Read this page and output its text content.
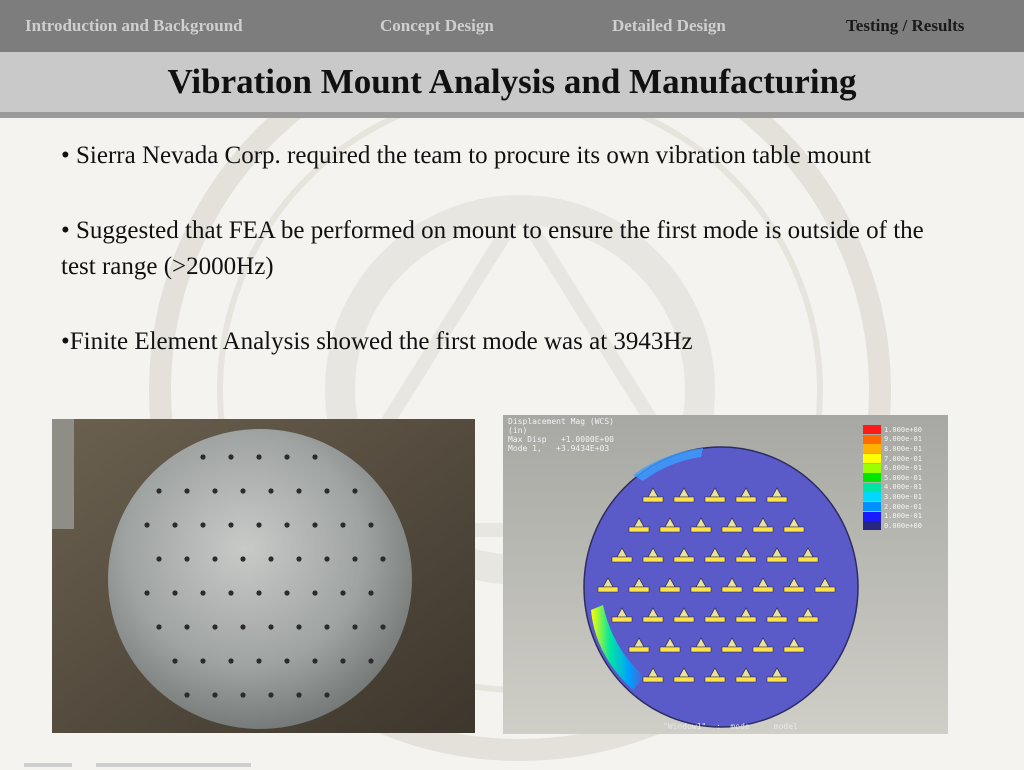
Introduction and Background	Concept Design	Detailed Design	Testing / Results
Vibration Mount Analysis and Manufacturing

• Sierra Nevada Corp. required the team to procure its own vibration table mount

• Suggested that FEA be performed on mount to ensure the first mode is outside of the test range (>2000Hz)

•Finite Element Analysis showed the first mode was at 3943Hz

Displacement Mag (WCS)
(in)
Max Disp   +1.0000E+00
Mode 1,   +3.9434E+03
1.000e+00
9.000e-01
8.000e-01
7.000e-01
6.000e-01
5.000e-01
4.000e-01
3.000e-01
2.000e-01
1.000e-01
0.000e+00
"Window1"  :  mode     model
